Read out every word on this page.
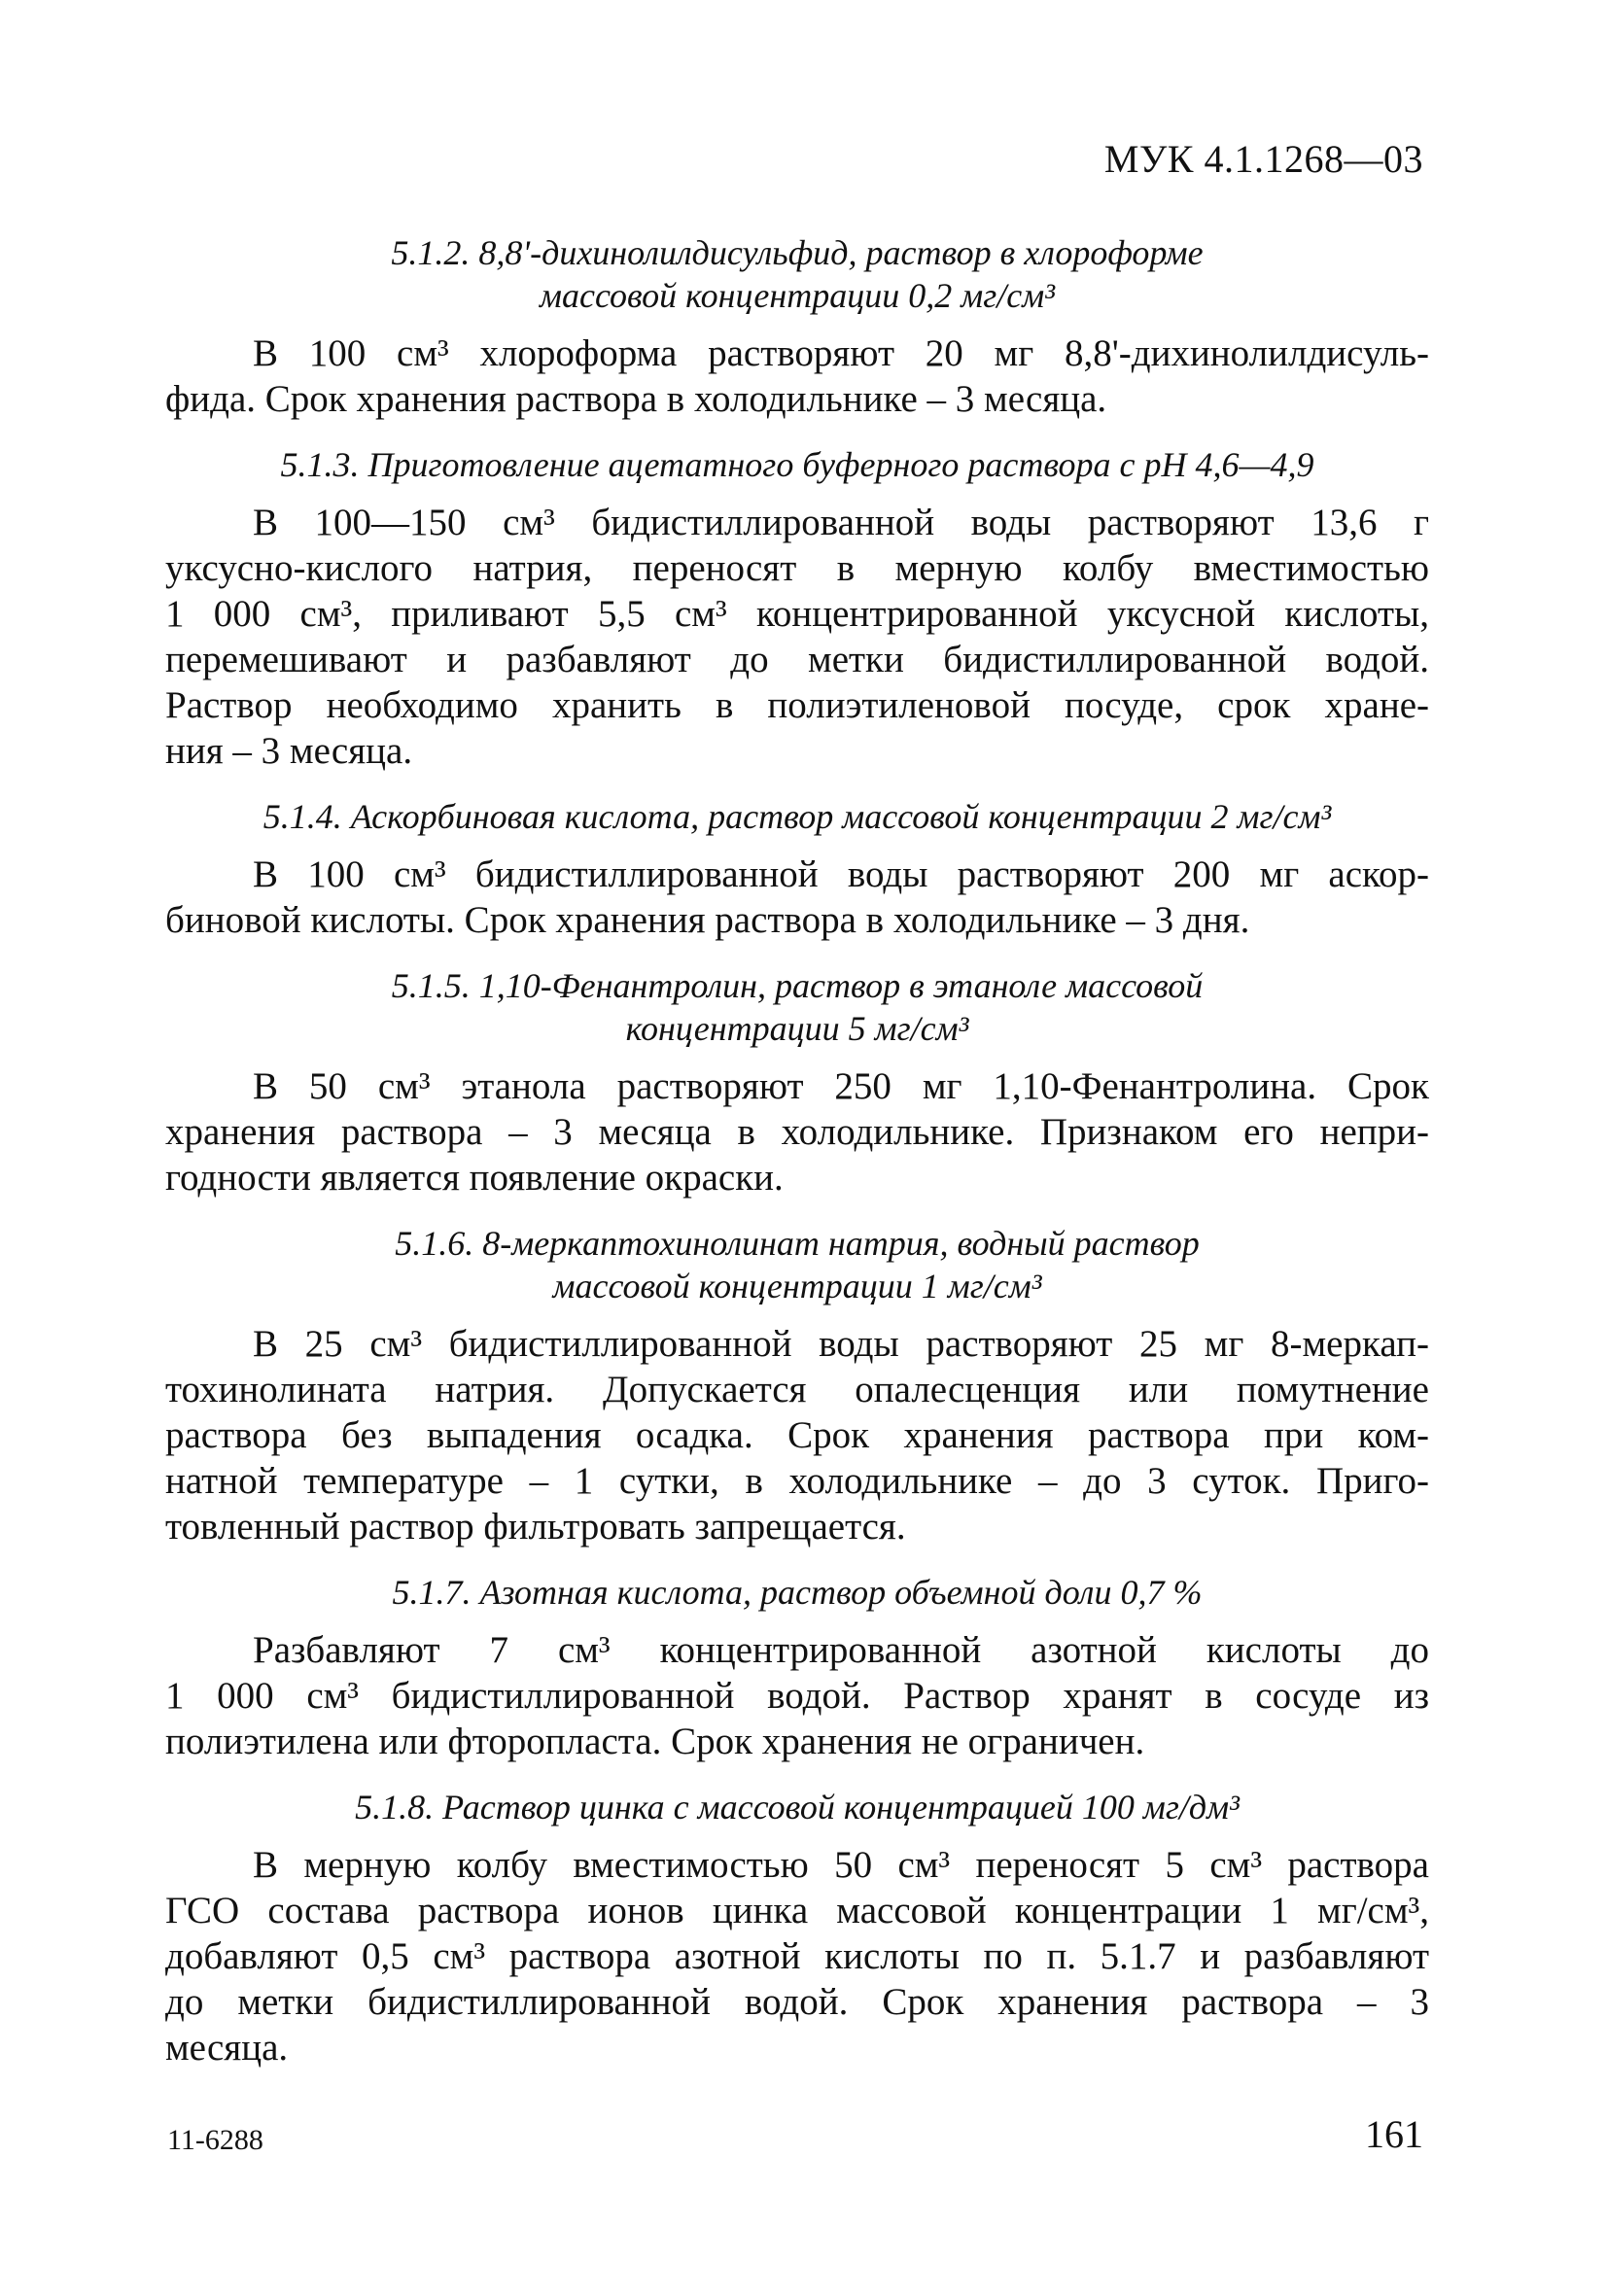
МУК 4.1.1268—03
5.1.2. 8,8'-дихинолилдисульфид, раствор в хлороформе
массовой концентрации 0,2 мг/см³
В 100 см³ хлороформа растворяют 20 мг 8,8'-дихинолилдисуль-
фида. Срок хранения раствора в холодильнике – 3 месяца.
5.1.3. Приготовление ацетатного буферного раствора с pH 4,6—4,9
В 100—150 см³ бидистиллированной воды растворяют 13,6 г
уксусно-кислого натрия, переносят в мерную колбу вместимостью
1 000 см³, приливают 5,5 см³ концентрированной уксусной кислоты,
перемешивают и разбавляют до метки бидистиллированной водой.
Раствор необходимо хранить в полиэтиленовой посуде, срок хране-
ния – 3 месяца.
5.1.4. Аскорбиновая кислота, раствор массовой концентрации 2 мг/см³
В 100 см³ бидистиллированной воды растворяют 200 мг аскор-
биновой кислоты. Срок хранения раствора в холодильнике – 3 дня.
5.1.5. 1,10-Фенантролин, раствор в этаноле массовой
концентрации 5 мг/см³
В 50 см³ этанола растворяют 250 мг 1,10-Фенантролина. Срок
хранения раствора – 3 месяца в холодильнике. Признаком его непри-
годности является появление окраски.
5.1.6. 8-меркаптохинолинат натрия, водный раствор
массовой концентрации 1 мг/см³
В 25 см³ бидистиллированной воды растворяют 25 мг 8-меркап-
тохинолината натрия. Допускается опалесценция или помутнение
раствора без выпадения осадка. Срок хранения раствора при ком-
натной температуре – 1 сутки, в холодильнике – до 3 суток. Приго-
товленный раствор фильтровать запрещается.
5.1.7. Азотная кислота, раствор объемной доли 0,7 %
Разбавляют 7 см³ концентрированной азотной кислоты до
1 000 см³ бидистиллированной водой. Раствор хранят в сосуде из
полиэтилена или фторопласта. Срок хранения не ограничен.
5.1.8. Раствор цинка с массовой концентрацией 100 мг/дм³
В мерную колбу вместимостью 50 см³ переносят 5 см³ раствора
ГСО состава раствора ионов цинка массовой концентрации 1 мг/см³,
добавляют 0,5 см³ раствора азотной кислоты по п. 5.1.7 и разбавляют
до метки бидистиллированной водой. Срок хранения раствора – 3
месяца.
11-6288	161
